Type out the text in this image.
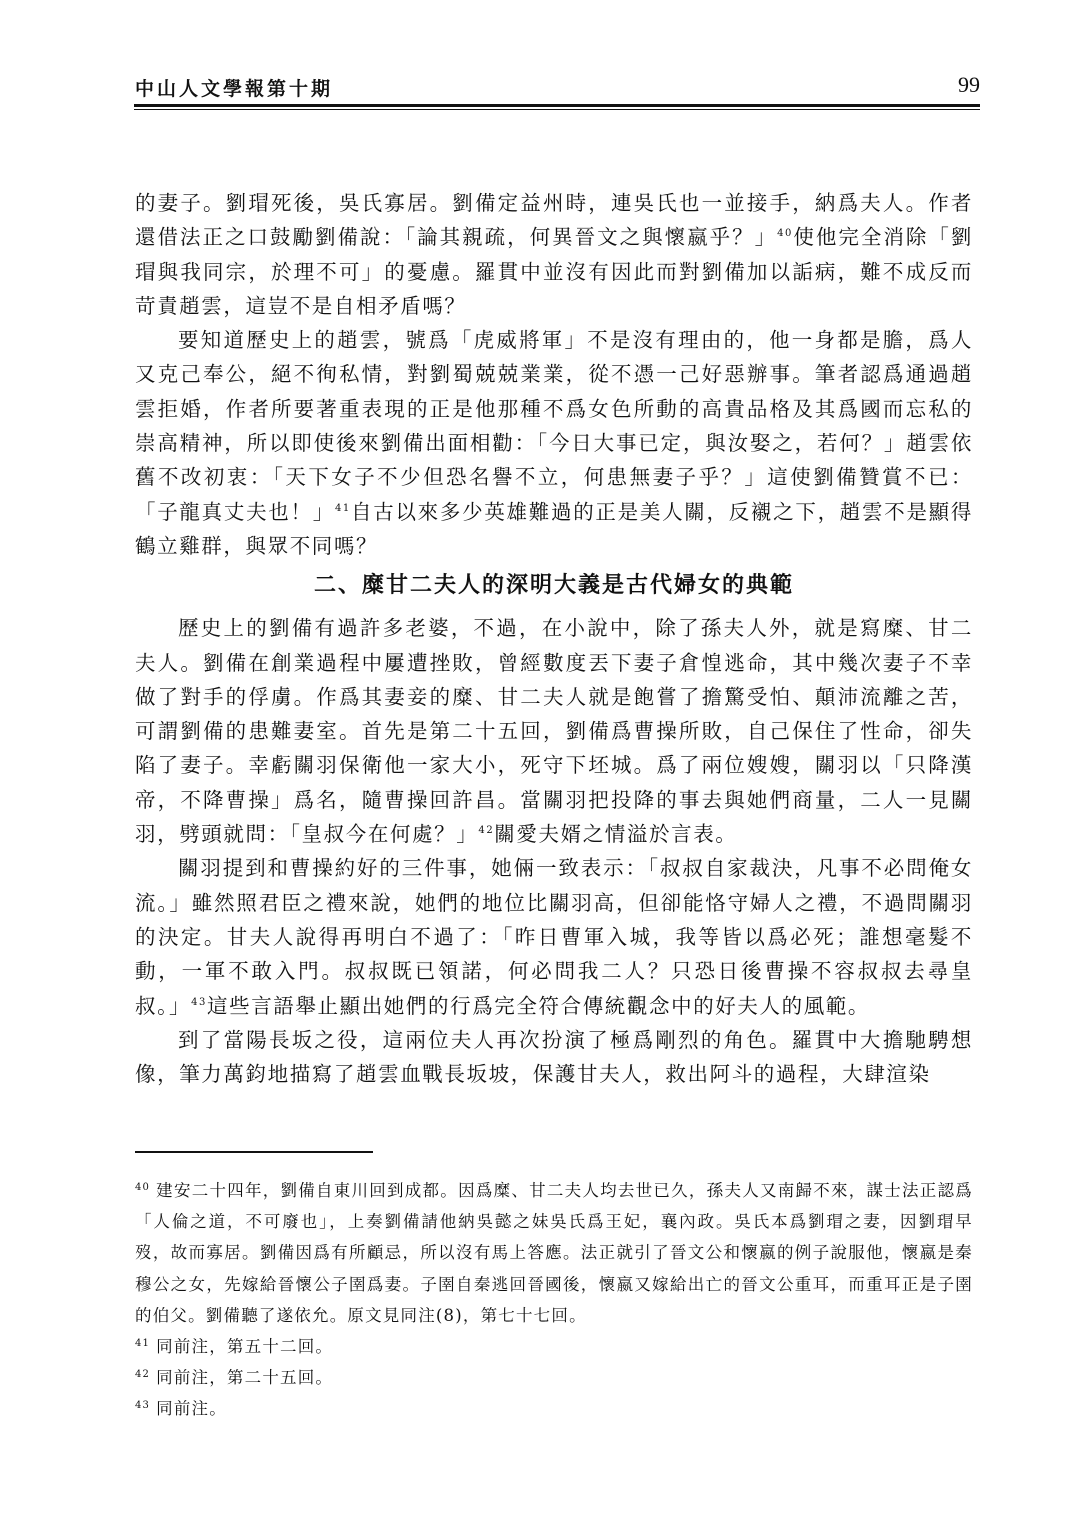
中山人文學報第十期	99

的妻子。劉瑁死後，吳氏寡居。劉備定益州時，連吳氏也一並接手，納爲夫人。作者還借法正之口鼓勵劉備說：「論其親疏，何異晉文之與懷嬴乎？」$^{40}$使他完全消除「劉瑁與我同宗，於理不可」的憂慮。羅貫中並沒有因此而對劉備加以詬病，難不成反而苛責趙雲，這豈不是自相矛盾嗎？

要知道歷史上的趙雲，號爲「虎威將軍」不是沒有理由的，他一身都是膽，爲人又克己奉公，絕不徇私情，對劉蜀兢兢業業，從不憑一己好惡辦事。筆者認爲通過趙雲拒婚，作者所要著重表現的正是他那種不爲女色所動的高貴品格及其爲國而忘私的崇高精神，所以即使後來劉備出面相勸：「今日大事已定，與汝娶之，若何？」趙雲依舊不改初衷：「天下女子不少但恐名譽不立，何患無妻子乎？」這使劉備贊賞不已：「子龍真丈夫也！」$^{41}$自古以來多少英雄難過的正是美人關，反襯之下，趙雲不是顯得鶴立雞群，與眾不同嗎？

二、糜甘二夫人的深明大義是古代婦女的典範

歷史上的劉備有過許多老婆，不過，在小說中，除了孫夫人外，就是寫糜、甘二夫人。劉備在創業過程中屢遭挫敗，曾經數度丟下妻子倉惶逃命，其中幾次妻子不幸做了對手的俘虜。作爲其妻妾的糜、甘二夫人就是飽嘗了擔驚受怕、顛沛流離之苦，可謂劉備的患難妻室。首先是第二十五回，劉備爲曹操所敗，自己保住了性命，卻失陷了妻子。幸虧關羽保衛他一家大小，死守下坯城。爲了兩位嫂嫂，關羽以「只降漢帝，不降曹操」爲名，隨曹操回許昌。當關羽把投降的事去與她們商量，二人一見關羽，劈頭就問：「皇叔今在何處？」$^{42}$關愛夫婿之情溢於言表。

關羽提到和曹操約好的三件事，她倆一致表示：「叔叔自家裁決，凡事不必問俺女流。」雖然照君臣之禮來說，她們的地位比關羽高，但卻能恪守婦人之禮，不過問關羽的決定。甘夫人說得再明白不過了：「昨日曹軍入城，我等皆以爲必死；誰想毫髮不動，一軍不敢入門。叔叔既已領諾，何必問我二人？只恐日後曹操不容叔叔去尋皇叔。」$^{43}$這些言語舉止顯出她們的行爲完全符合傳統觀念中的好夫人的風範。

到了當陽長坂之役，這兩位夫人再次扮演了極爲剛烈的角色。羅貫中大擔馳騁想像，筆力萬鈞地描寫了趙雲血戰長坂坡，保護甘夫人，救出阿斗的過程，大肆渲染

$^{40}$ 建安二十四年，劉備自東川回到成都。因爲糜、甘二夫人均去世已久，孫夫人又南歸不來，謀士法正認爲「人倫之道，不可廢也」，上奏劉備請他納吳懿之妹吳氏爲王妃，襄內政。吳氏本爲劉瑁之妻，因劉瑁早歿，故而寡居。劉備因爲有所顧忌，所以沒有馬上答應。法正就引了晉文公和懷嬴的例子說服他，懷嬴是秦穆公之女，先嫁給晉懷公子圉爲妻。子圉自秦逃回晉國後，懷嬴又嫁給出亡的晉文公重耳，而重耳正是子圉的伯父。劉備聽了遂依允。原文見同注(8)，第七十七回。

$^{41}$ 同前注，第五十二回。

$^{42}$ 同前注，第二十五回。

$^{43}$ 同前注。
